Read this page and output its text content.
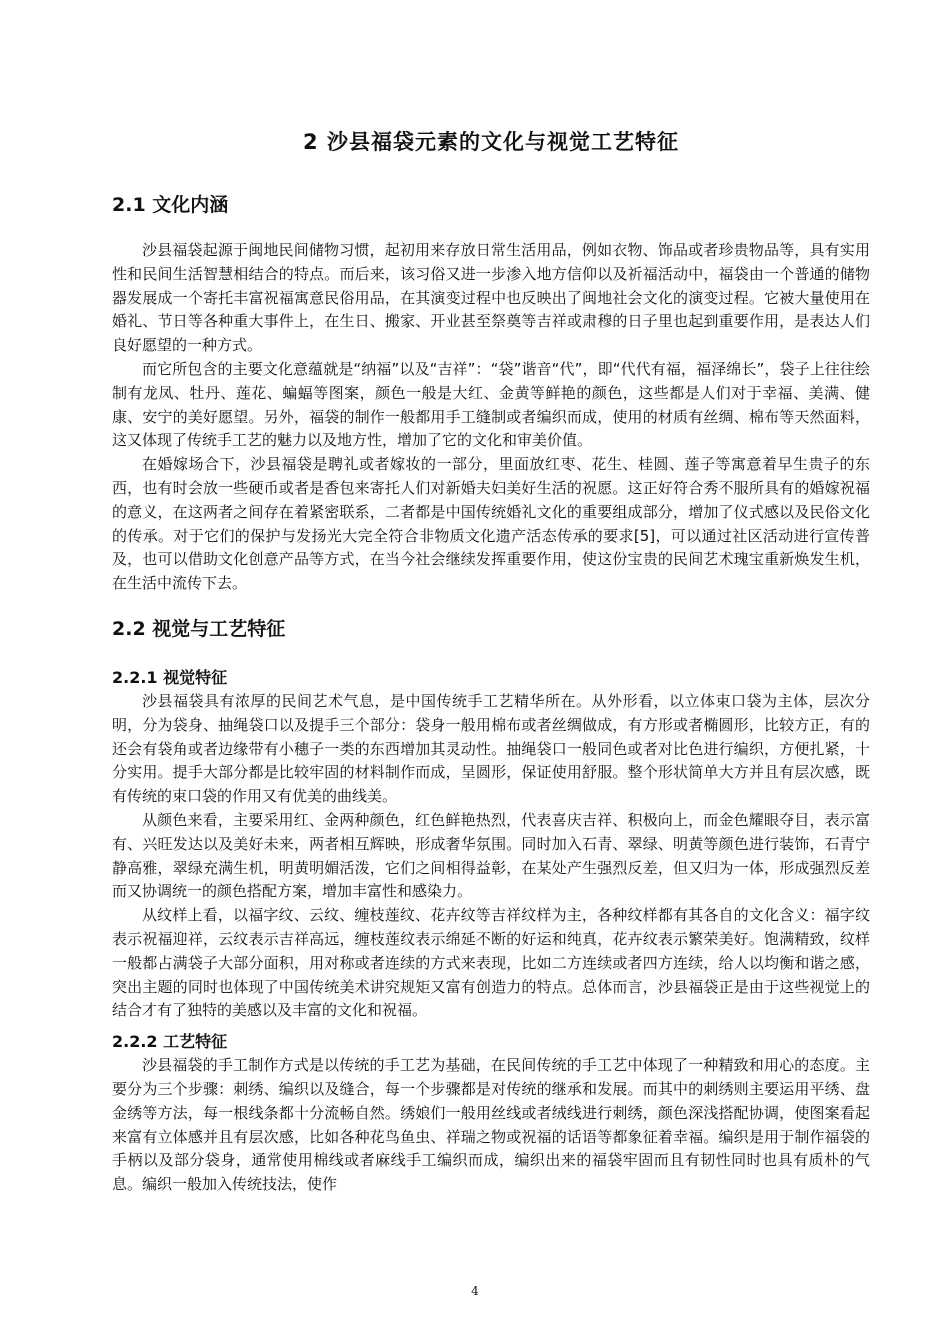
2 沙县福袋元素的文化与视觉工艺特征
2.1 文化内涵

沙县福袋起源于闽地民间储物习惯，起初用来存放日常生活用品，例如衣物、饰品或者珍贵物品等，具有实用性和民间生活智慧相结合的特点。而后来，该习俗又进一步渗入地方信仰以及祈福活动中，福袋由一个普通的储物器发展成一个寄托丰富祝福寓意民俗用品，在其演变过程中也反映出了闽地社会文化的演变过程。它被大量使用在婚礼、节日等各种重大事件上，在生日、搬家、开业甚至祭奠等吉祥或肃穆的日子里也起到重要作用，是表达人们良好愿望的一种方式。

而它所包含的主要文化意蕴就是“纳福”以及“吉祥”：“袋”谐音“代”，即“代代有福，福泽绵长”，袋子上往往绘制有龙凤、牡丹、莲花、蝙蝠等图案，颜色一般是大红、金黄等鲜艳的颜色，这些都是人们对于幸福、美满、健康、安宁的美好愿望。另外，福袋的制作一般都用手工缝制或者编织而成，使用的材质有丝绸、棉布等天然面料，这又体现了传统手工艺的魅力以及地方性，增加了它的文化和审美价值。

在婚嫁场合下，沙县福袋是聘礼或者嫁妆的一部分，里面放红枣、花生、桂圆、莲子等寓意着早生贵子的东西，也有时会放一些硬币或者是香包来寄托人们对新婚夫妇美好生活的祝愿。这正好符合秀不服所具有的婚嫁祝福的意义，在这两者之间存在着紧密联系，二者都是中国传统婚礼文化的重要组成部分，增加了仪式感以及民俗文化的传承。对于它们的保护与发扬光大完全符合非物质文化遗产活态传承的要求[5]，可以通过社区活动进行宣传普及，也可以借助文化创意产品等方式，在当今社会继续发挥重要作用，使这份宝贵的民间艺术瑰宝重新焕发生机，在生活中流传下去。

2.2 视觉与工艺特征
2.2.1 视觉特征

沙县福袋具有浓厚的民间艺术气息，是中国传统手工艺精华所在。从外形看，以立体束口袋为主体，层次分明，分为袋身、抽绳袋口以及提手三个部分：袋身一般用棉布或者丝绸做成，有方形或者椭圆形，比较方正，有的还会有袋角或者边缘带有小穗子一类的东西增加其灵动性。抽绳袋口一般同色或者对比色进行编织，方便扎紧，十分实用。提手大部分都是比较牢固的材料制作而成，呈圆形，保证使用舒服。整个形状简单大方并且有层次感，既有传统的束口袋的作用又有优美的曲线美。

从颜色来看，主要采用红、金两种颜色，红色鲜艳热烈，代表喜庆吉祥、积极向上，而金色耀眼夺目，表示富有、兴旺发达以及美好未来，两者相互辉映，形成奢华氛围。同时加入石青、翠绿、明黄等颜色进行装饰，石青宁静高雅，翠绿充满生机，明黄明媚活泼，它们之间相得益彰，在某处产生强烈反差，但又归为一体，形成强烈反差而又协调统一的颜色搭配方案，增加丰富性和感染力。

从纹样上看，以福字纹、云纹、缠枝莲纹、花卉纹等吉祥纹样为主，各种纹样都有其各自的文化含义：福字纹表示祝福迎祥，云纹表示吉祥高远，缠枝莲纹表示绵延不断的好运和纯真，花卉纹表示繁荣美好。饱满精致，纹样一般都占满袋子大部分面积，用对称或者连续的方式来表现，比如二方连续或者四方连续，给人以均衡和谐之感，突出主题的同时也体现了中国传统美术讲究规矩又富有创造力的特点。总体而言，沙县福袋正是由于这些视觉上的结合才有了独特的美感以及丰富的文化和祝福。

2.2.2 工艺特征

沙县福袋的手工制作方式是以传统的手工艺为基础，在民间传统的手工艺中体现了一种精致和用心的态度。主要分为三个步骤：刺绣、编织以及缝合，每一个步骤都是对传统的继承和发展。而其中的刺绣则主要运用平绣、盘金绣等方法，每一根线条都十分流畅自然。绣娘们一般用丝线或者绒线进行刺绣，颜色深浅搭配协调，使图案看起来富有立体感并且有层次感，比如各种花鸟鱼虫、祥瑞之物或祝福的话语等都象征着幸福。编织是用于制作福袋的手柄以及部分袋身，通常使用棉线或者麻线手工编织而成，编织出来的福袋牢固而且有韧性同时也具有质朴的气息。编织一般加入传统技法，使作

4
